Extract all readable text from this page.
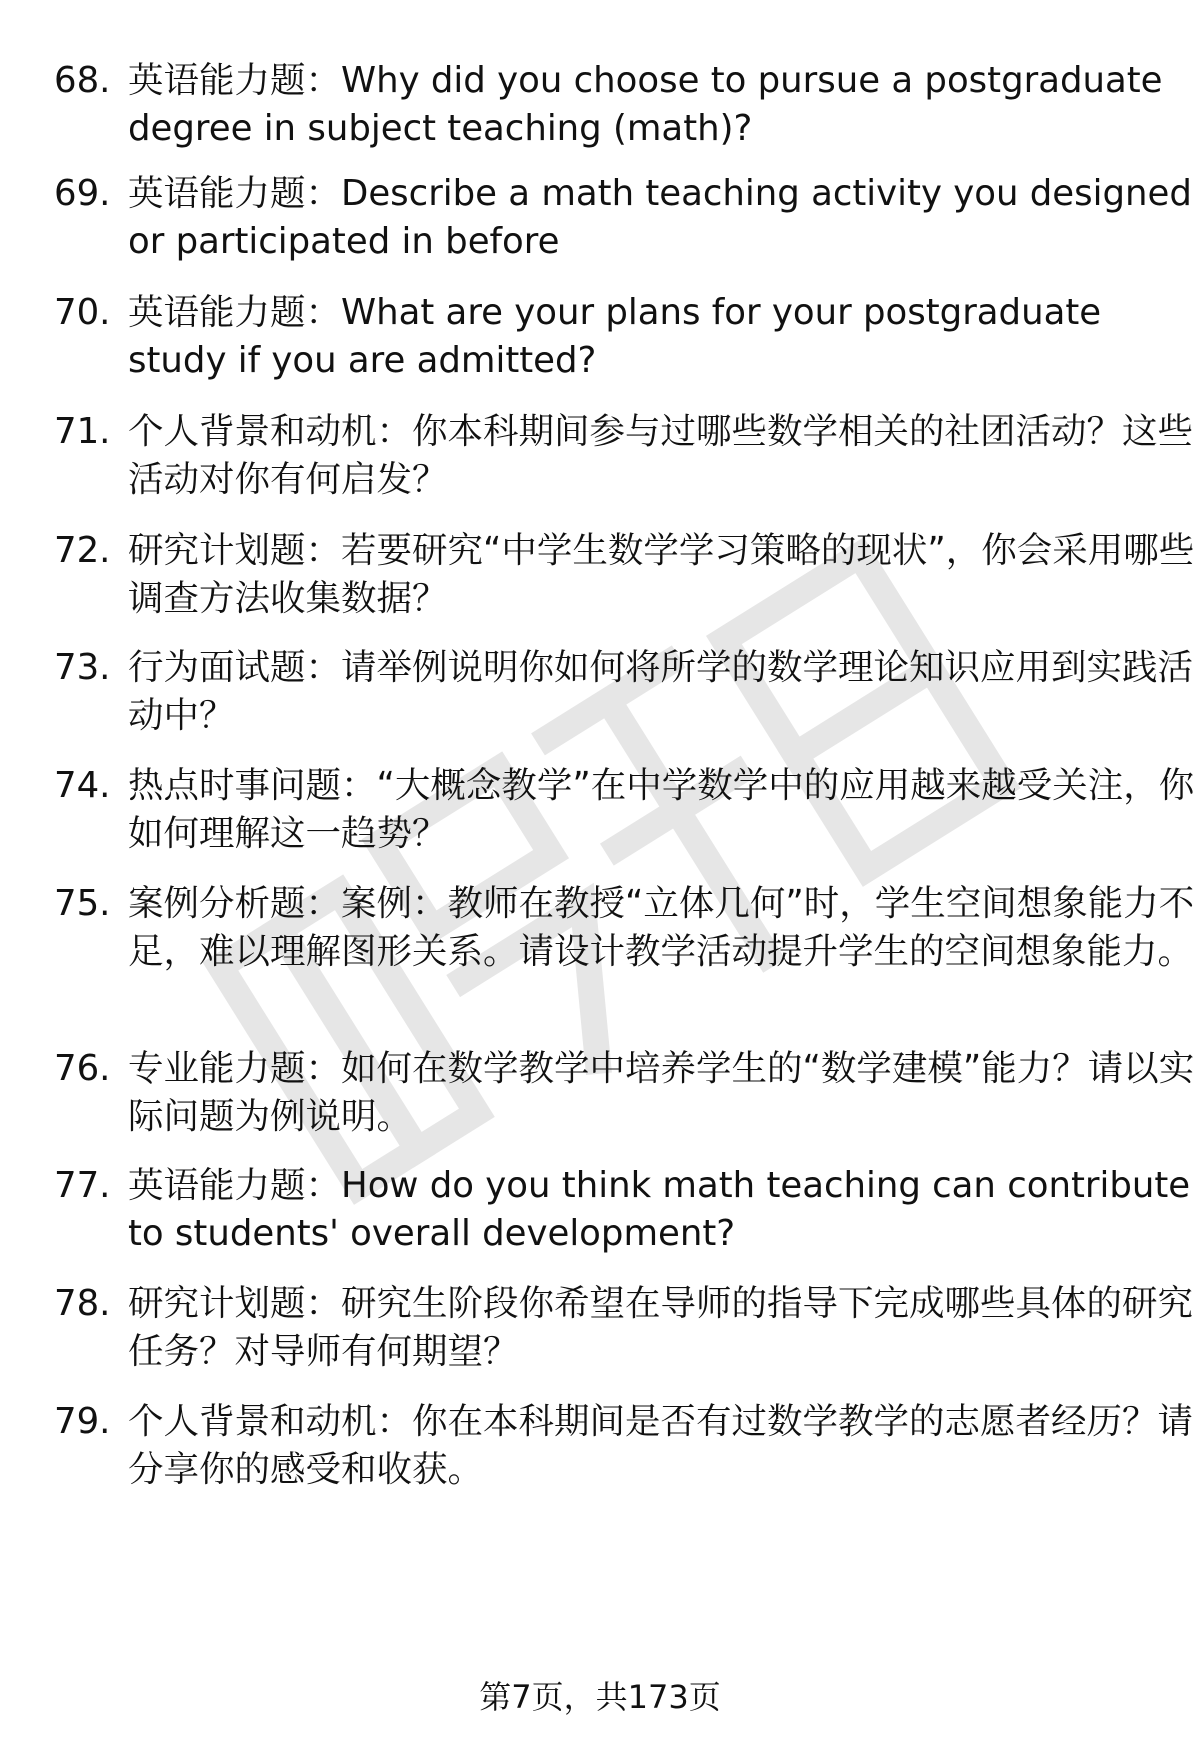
68. 英语能力题：Why did you choose to pursue a postgraduate degree in subject teaching (math)?
69. 英语能力题：Describe a math teaching activity you designed or participated in before
70. 英语能力题：What are your plans for your postgraduate study if you are admitted?
71. 个人背景和动机：你本科期间参与过哪些数学相关的社团活动？这些活动对你有何启发？
72. 研究计划题：若要研究“中学生数学学习策略的现状”，你会采用哪些调查方法收集数据？
73. 行为面试题：请举例说明你如何将所学的数学理论知识应用到实践活动中？
74. 热点时事问题：“大概念教学”在中学数学中的应用越来越受关注，你如何理解这一趋势？
75. 案例分析题：案例：教师在教授“立体几何”时，学生空间想象能力不足，难以理解图形关系。请设计教学活动提升学生的空间想象能力。
76. 专业能力题：如何在数学教学中培养学生的“数学建模”能力？请以实际问题为例说明。
77. 英语能力题：How do you think math teaching can contribute to students' overall development?
78. 研究计划题：研究生阶段你希望在导师的指导下完成哪些具体的研究任务？对导师有何期望？
79. 个人背景和动机：你在本科期间是否有过数学教学的志愿者经历？请分享你的感受和收获。
第7页，共173页
